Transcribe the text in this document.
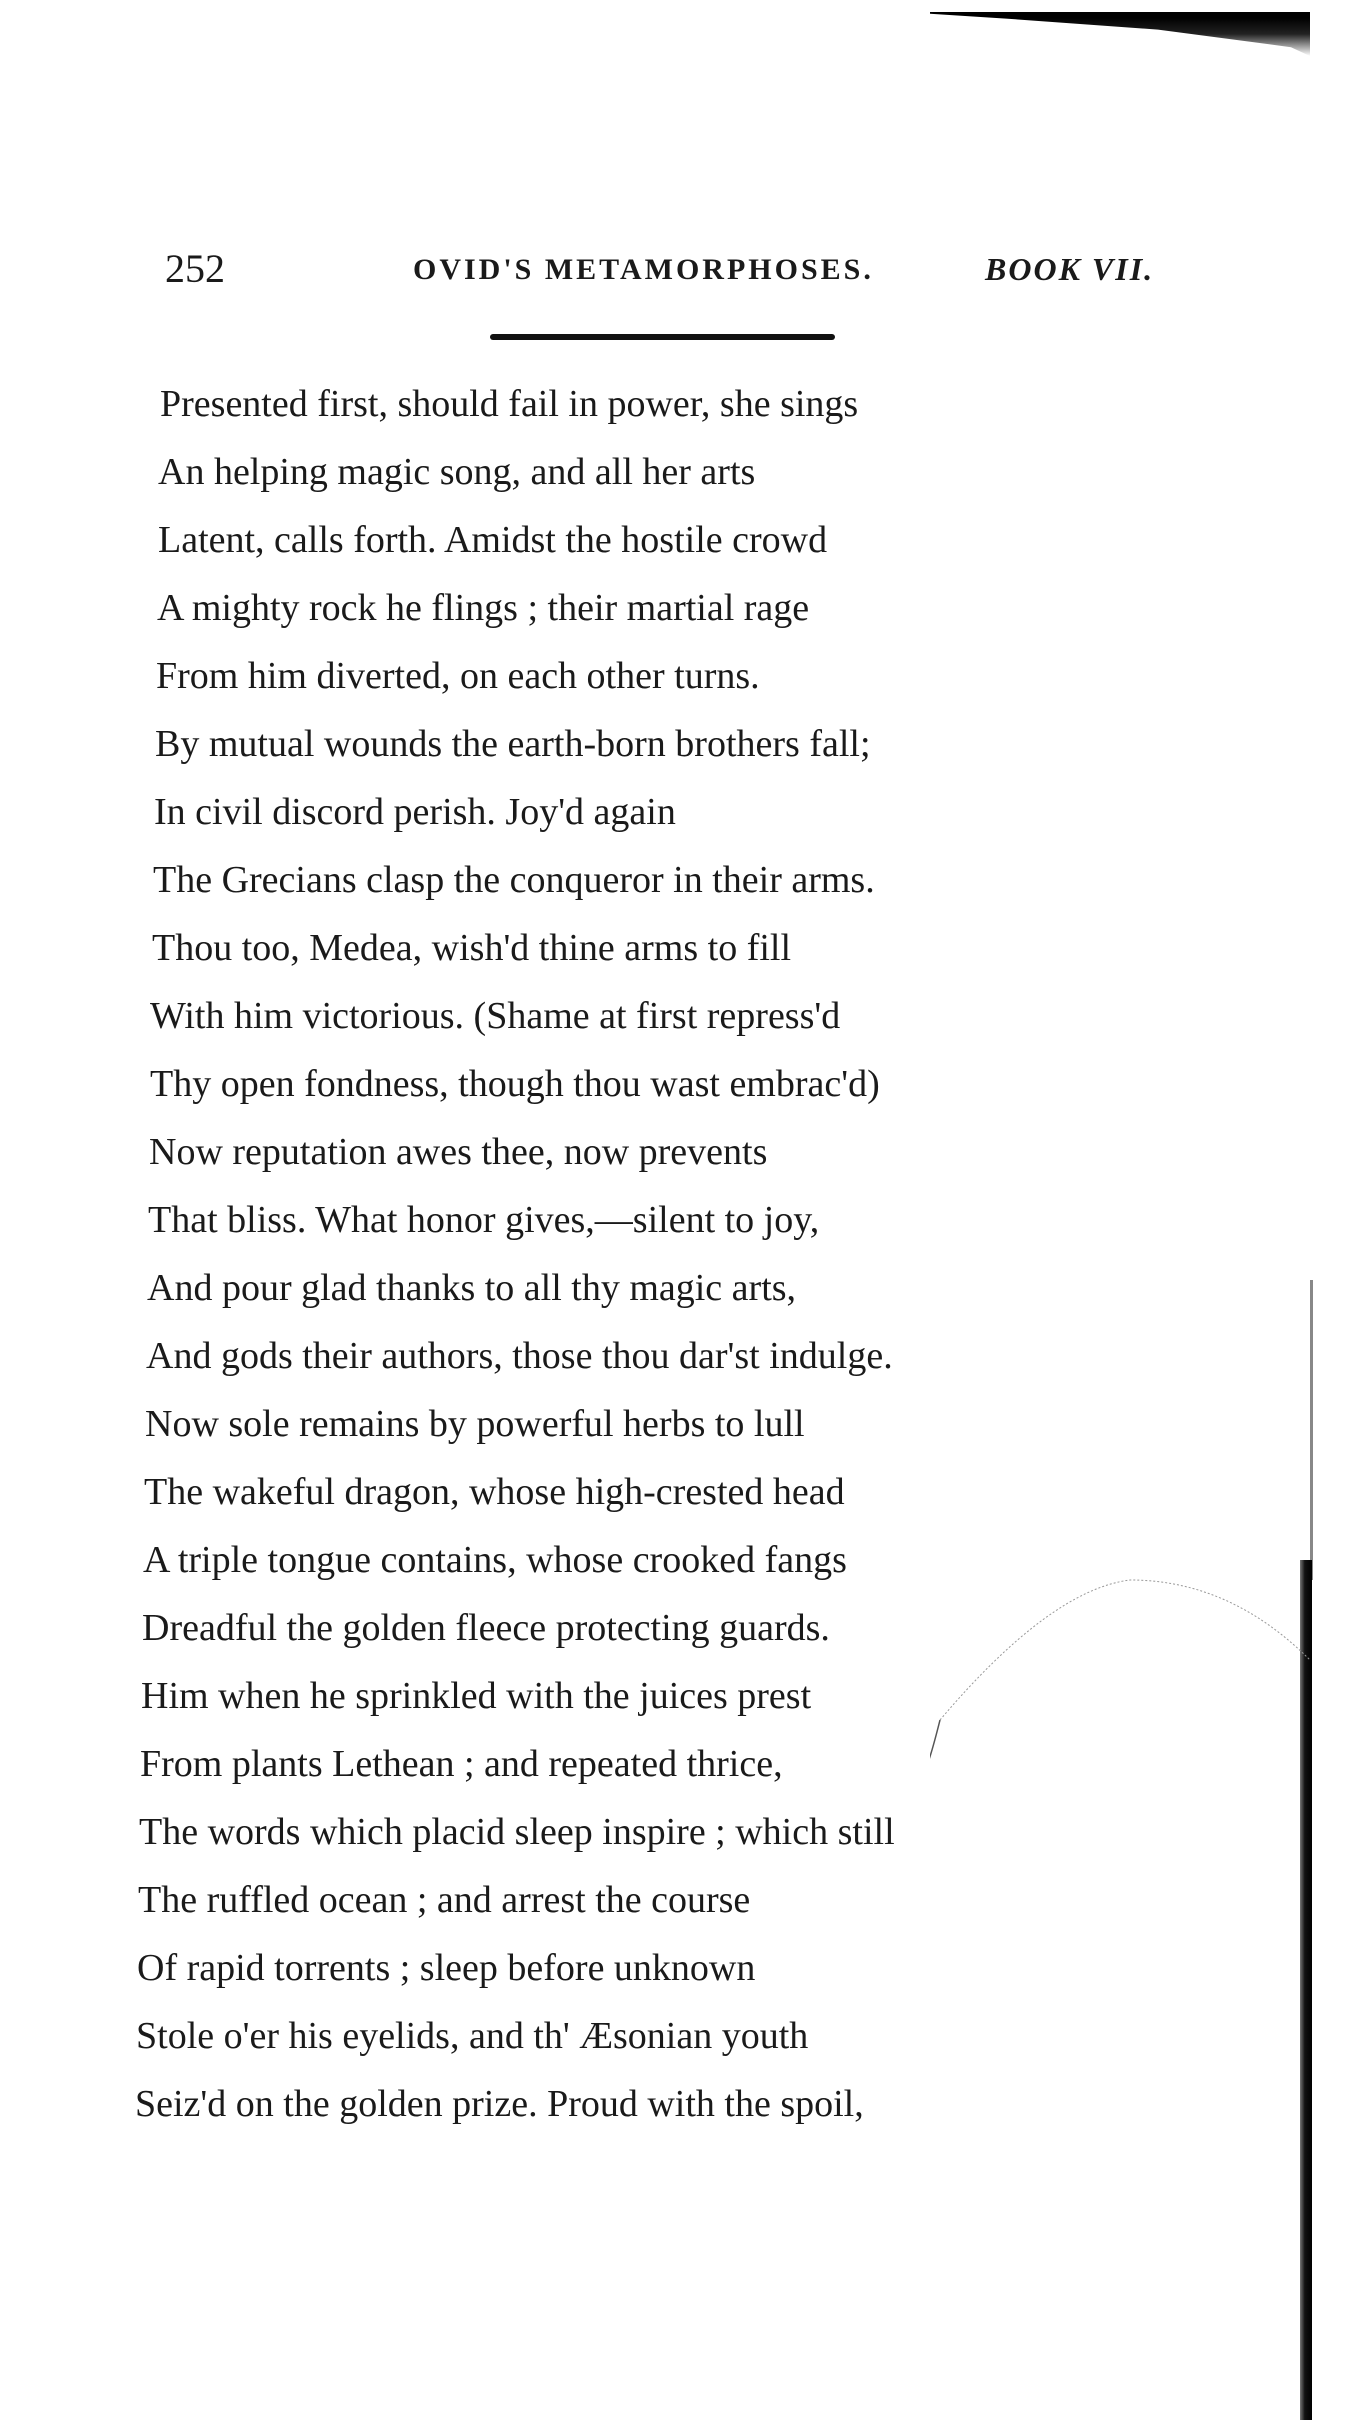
252	OVID'S METAMORPHOSES.	BOOK VII.
Presented first, should fail in power, she sings
An helping magic song, and all her arts
Latent, calls forth. Amidst the hostile crowd
A mighty rock he flings ; their martial rage
From him diverted, on each other turns.
By mutual wounds the earth-born brothers fall;
In civil discord perish. Joy'd again
The Grecians clasp the conqueror in their arms.
Thou too, Medea, wish'd thine arms to fill
With him victorious. (Shame at first repress'd
Thy open fondness, though thou wast embrac'd)
Now reputation awes thee, now prevents
That bliss. What honor gives,—silent to joy,
And pour glad thanks to all thy magic arts,
And gods their authors, those thou dar'st indulge.
Now sole remains by powerful herbs to lull
The wakeful dragon, whose high-crested head
A triple tongue contains, whose crooked fangs
Dreadful the golden fleece protecting guards.
Him when he sprinkled with the juices prest
From plants Lethean ; and repeated thrice,
The words which placid sleep inspire ; which still
The ruffled ocean ; and arrest the course
Of rapid torrents ; sleep before unknown
Stole o'er his eyelids, and th' Æsonian youth
Seiz'd on the golden prize. Proud with the spoil,
